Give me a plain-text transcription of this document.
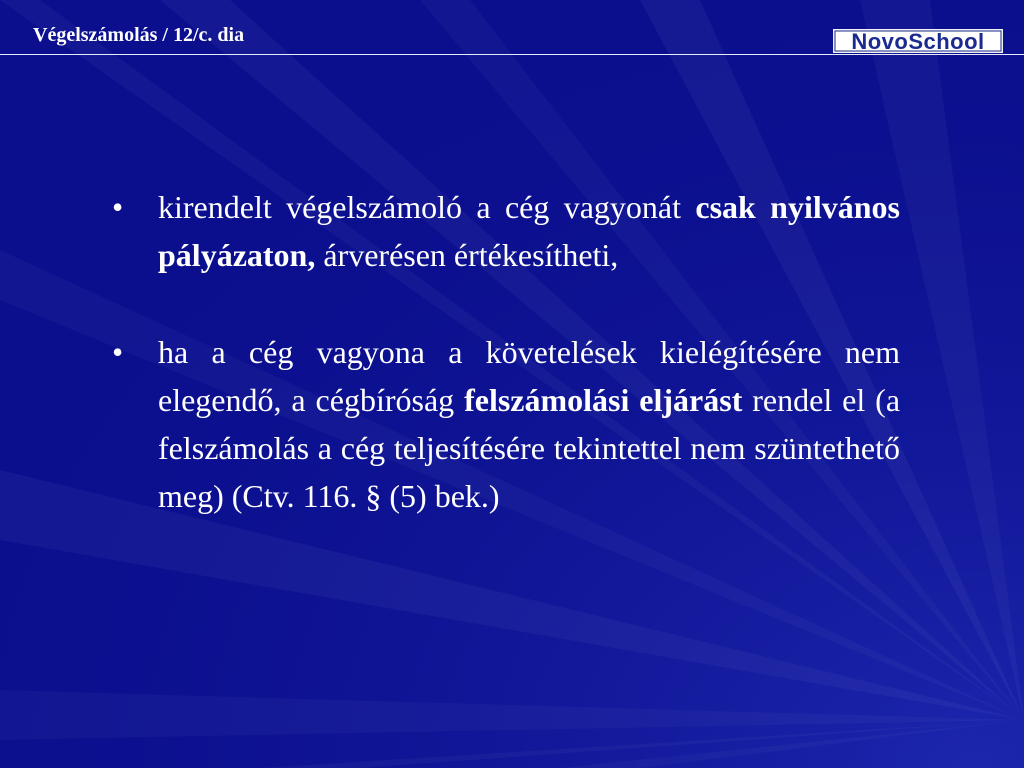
Végelszámolás / 12/c. dia	NovoSchool
• kirendelt végelszámoló a cég vagyonát csak nyilvános pályázaton, árverésen értékesítheti,
• ha a cég vagyona a követelések kielégítésére nem elegendő, a cégbíróság felszámolási eljárást rendel el (a felszámolás a cég teljesítésére tekintettel nem szüntethető meg) (Ctv. 116. § (5) bek.)
